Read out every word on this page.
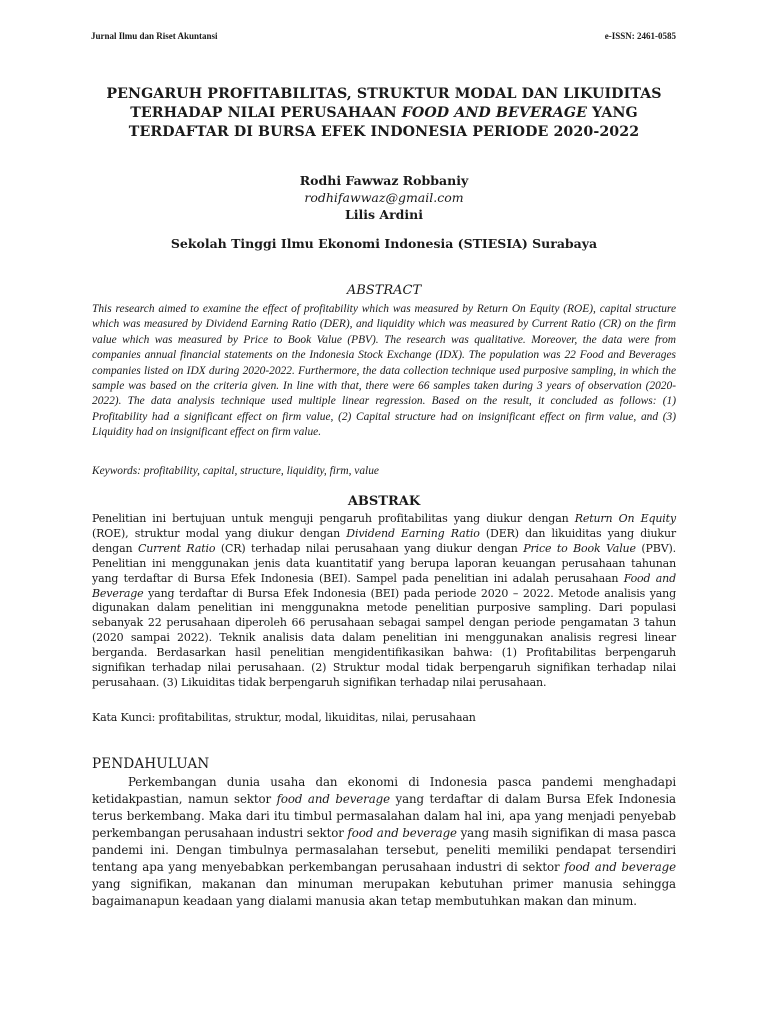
Jurnal Ilmu dan Riset Akuntansi	e-ISSN: 2461-0585
PENGARUH PROFITABILITAS, STRUKTUR MODAL DAN LIKUIDITAS TERHADAP NILAI PERUSAHAAN FOOD AND BEVERAGE YANG TERDAFTAR DI BURSA EFEK INDONESIA PERIODE 2020-2022
Rodhi Fawwaz Robbaniy
rodhifawwaz@gmail.com
Lilis Ardini
Sekolah Tinggi Ilmu Ekonomi Indonesia (STIESIA) Surabaya
ABSTRACT
This research aimed to examine the effect of profitability which was measured by Return On Equity (ROE), capital structure which was measured by Dividend Earning Ratio (DER), and liquidity which was measured by Current Ratio (CR) on the firm value which was measured by Price to Book Value (PBV). The research was qualitative. Moreover, the data were from companies annual financial statements on the Indonesia Stock Exchange (IDX). The population was 22 Food and Beverages companies listed on IDX during 2020-2022. Furthermore, the data collection technique used purposive sampling, in which the sample was based on the criteria given. In line with that, there were 66 samples taken during 3 years of observation (2020-2022). The data analysis technique used multiple linear regression. Based on the result, it concluded as follows: (1) Profitability had a significant effect on firm value, (2) Capital structure had on insignificant effect on firm value, and (3) Liquidity had on insignificant effect on firm value.
Keywords: profitability, capital, structure, liquidity, firm, value
ABSTRAK
Penelitian ini bertujuan untuk menguji pengaruh profitabilitas yang diukur dengan Return On Equity (ROE), struktur modal yang diukur dengan Dividend Earning Ratio (DER) dan likuiditas yang diukur dengan Current Ratio (CR) terhadap nilai perusahaan yang diukur dengan Price to Book Value (PBV). Penelitian ini menggunakan jenis data kuantitatif yang berupa laporan keuangan perusahaan tahunan yang terdaftar di Bursa Efek Indonesia (BEI). Sampel pada penelitian ini adalah perusahaan Food and Beverage yang terdaftar di Bursa Efek Indonesia (BEI) pada periode 2020 – 2022. Metode analisis yang digunakan dalam penelitian ini menggunakna metode penelitian purposive sampling. Dari populasi sebanyak 22 perusahaan diperoleh 66 perusahaan sebagai sampel dengan periode pengamatan 3 tahun (2020 sampai 2022). Teknik analisis data dalam penelitian ini menggunakan analisis regresi linear berganda. Berdasarkan hasil penelitian mengidentifikasikan bahwa: (1) Profitabilitas berpengaruh signifikan terhadap nilai perusahaan. (2) Struktur modal tidak berpengaruh signifikan terhadap nilai perusahaan. (3) Likuiditas tidak berpengaruh signifikan terhadap nilai perusahaan.
Kata Kunci: profitabilitas, struktur, modal, likuiditas, nilai, perusahaan
PENDAHULUAN
Perkembangan dunia usaha dan ekonomi di Indonesia pasca pandemi menghadapi ketidakpastian, namun sektor food and beverage yang terdaftar di dalam Bursa Efek Indonesia terus berkembang. Maka dari itu timbul permasalahan dalam hal ini, apa yang menjadi penyebab perkembangan perusahaan industri sektor food and beverage yang masih signifikan di masa pasca pandemi ini. Dengan timbulnya permasalahan tersebut, peneliti memiliki pendapat tersendiri tentang apa yang menyebabkan perkembangan perusahaan industri di sektor food and beverage yang signifikan, makanan dan minuman merupakan kebutuhan primer manusia sehingga bagaimanapun keadaan yang dialami manusia akan tetap membutuhkan makan dan minum.
